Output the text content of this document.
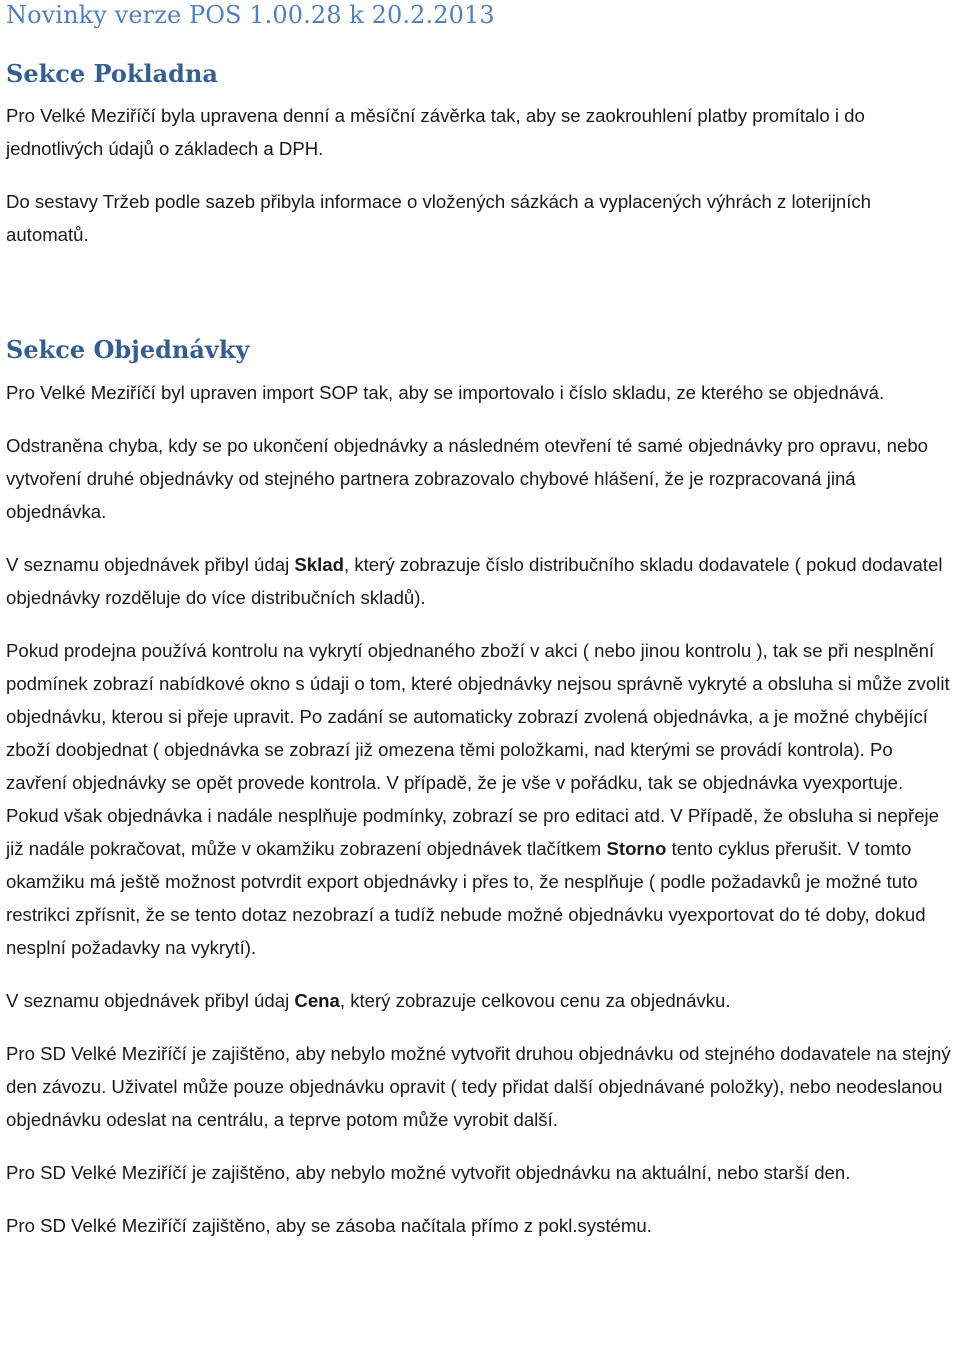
Novinky verze POS 1.00.28 k 20.2.2013
Sekce Pokladna

Pro Velké Meziříčí byla upravena denní a měsíční závěrka tak, aby se zaokrouhlení platby promítalo i do jednotlivých údajů o základech a DPH.

Do sestavy Tržeb podle sazeb přibyla informace o vložených sázkách a vyplacených výhrách z loterijních automatů.

Sekce Objednávky

Pro Velké Meziříčí byl upraven import SOP tak, aby se importovalo i číslo skladu, ze kterého se objednává.

Odstraněna chyba, kdy se po ukončení objednávky a následném otevření té samé objednávky pro opravu, nebo vytvoření druhé objednávky od stejného partnera zobrazovalo chybové hlášení, že je rozpracovaná jiná objednávka.

V seznamu objednávek přibyl údaj Sklad, který zobrazuje číslo distribučního skladu dodavatele ( pokud dodavatel objednávky rozděluje do více distribučních skladů).

Pokud prodejna používá kontrolu na vykrytí objednaného zboží v akci ( nebo jinou kontrolu ), tak se při nesplnění podmínek zobrazí nabídkové okno s údaji o tom, které objednávky nejsou správně vykryté a obsluha si může zvolit objednávku, kterou si přeje upravit. Po zadání se automaticky zobrazí zvolená objednávka, a je možné chybějící zboží doobjednat ( objednávka se zobrazí již omezena těmi položkami, nad kterými se provádí kontrola). Po zavření objednávky se opět provede kontrola. V případě, že je vše v pořádku, tak se objednávka vyexportuje. Pokud však objednávka i nadále nesplňuje podmínky, zobrazí se pro editaci atd. V Případě, že obsluha si nepřeje již nadále pokračovat, může v okamžiku zobrazení objednávek tlačítkem Storno tento cyklus přerušit. V tomto okamžiku má ještě možnost potvrdit export objednávky i přes to, že nesplňuje ( podle požadavků je možné tuto restrikci zpřísnit, že se tento dotaz nezobrazí a tudíž nebude možné objednávku vyexportovat do té doby, dokud nesplní požadavky na vykrytí).

V seznamu objednávek přibyl údaj Cena, který zobrazuje celkovou cenu za objednávku.

Pro SD Velké Meziříčí je zajištěno, aby nebylo možné vytvořit druhou objednávku od stejného dodavatele na stejný den závozu. Uživatel může pouze objednávku opravit ( tedy přidat další objednávané položky), nebo neodeslanou objednávku odeslat na centrálu, a teprve potom může vyrobit další.

Pro SD Velké Meziříčí je zajištěno, aby nebylo možné vytvořit objednávku na aktuální, nebo starší den.

Pro SD Velké Meziříčí zajištěno, aby se zásoba načítala přímo z pokl.systému.
